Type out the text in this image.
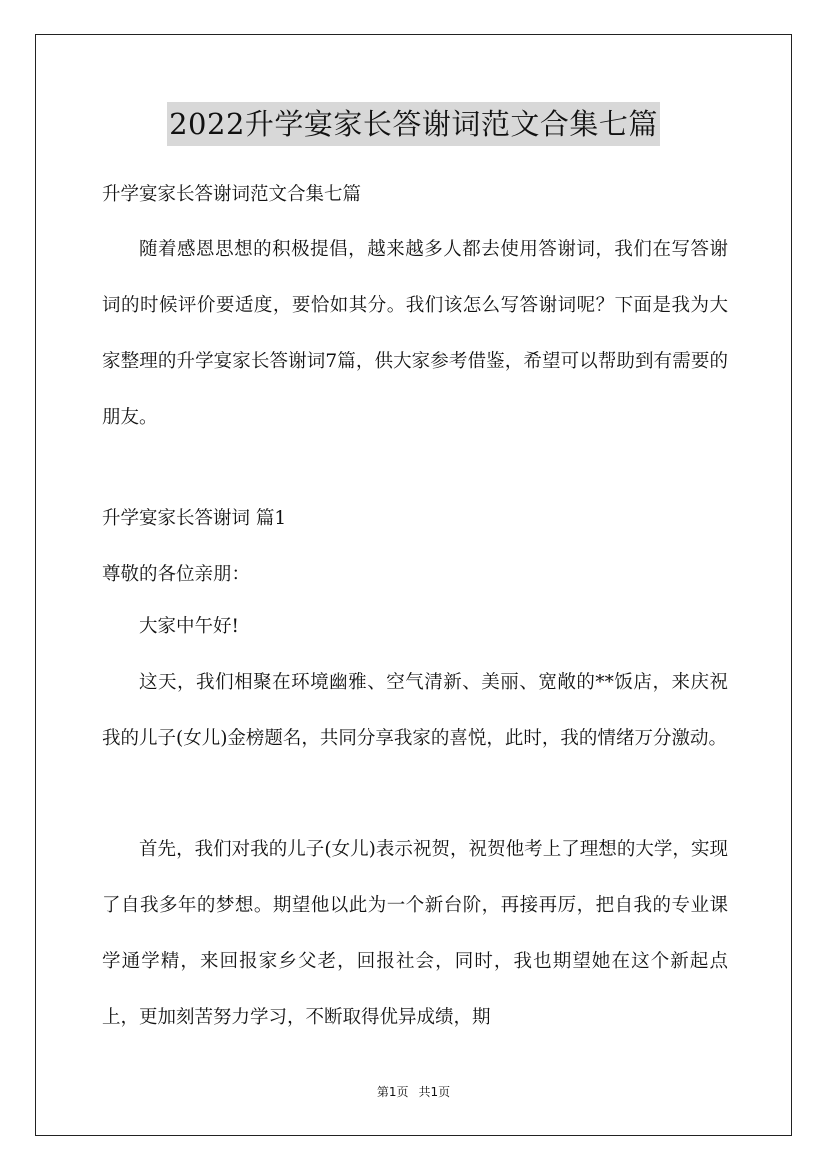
2022升学宴家长答谢词范文合集七篇

升学宴家长答谢词范文合集七篇

随着感恩思想的积极提倡，越来越多人都去使用答谢词，我们在写答谢词的时候评价要适度，要恰如其分。我们该怎么写答谢词呢？下面是我为大家整理的升学宴家长答谢词7篇，供大家参考借鉴，希望可以帮助到有需要的朋友。

升学宴家长答谢词 篇1

尊敬的各位亲朋：

大家中午好!

这天，我们相聚在环境幽雅、空气清新、美丽、宽敞的**饭店，来庆祝我的儿子(女儿)金榜题名，共同分享我家的喜悦，此时，我的情绪万分激动。

首先，我们对我的儿子(女儿)表示祝贺，祝贺他考上了理想的大学，实现了自我多年的梦想。期望他以此为一个新台阶，再接再厉，把自我的专业课学通学精，来回报家乡父老，回报社会，同时，我也期望她在这个新起点上，更加刻苦努力学习，不断取得优异成绩，期

第1页 共1页
